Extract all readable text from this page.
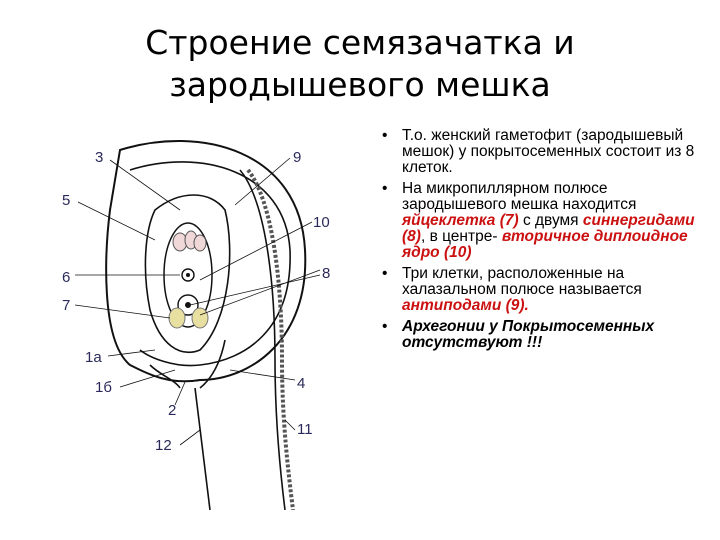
Строение семязачатка и
зародышевого мешка
3	9
5
10
6	8
7
1а
1б	4
2
11
12
• Т.о. женский гаметофит (зародышевый мешок) у покрытосеменных состоит из 8 клеток.
• На микропиллярном полюсе зародышевого мешка находится яйцеклетка (7) с двумя синнергидами (8), в центре- вторичное диплоидное ядро (10)
• Три клетки, расположенные на халазальном полюсе называется антиподами (9).
• Архегонии у Покрытосеменных отсутствуют !!!
